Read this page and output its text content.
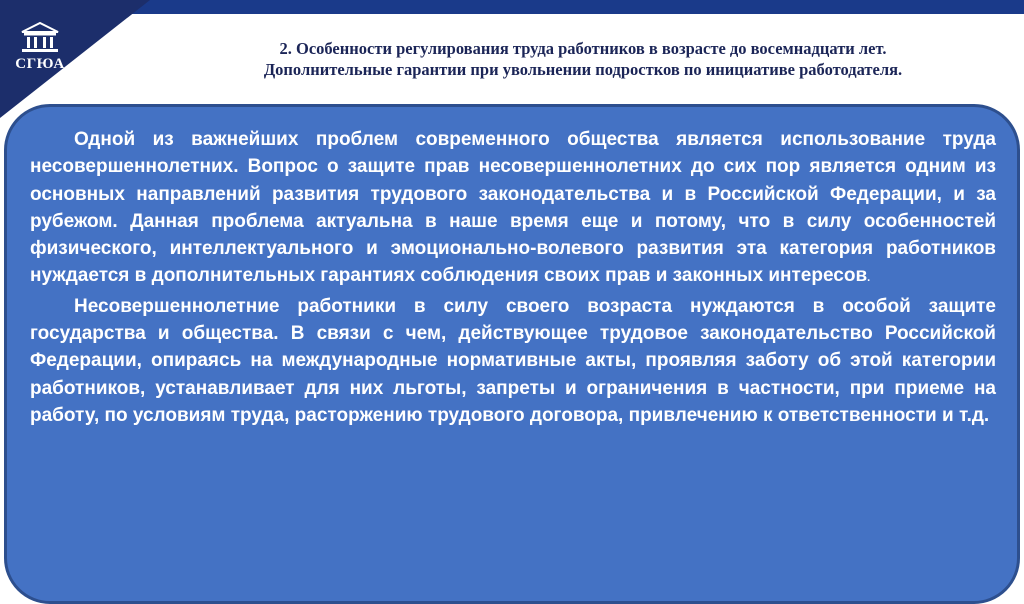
СГЮА
2. Особенности регулирования труда работников в возрасте до восемнадцати лет.
Дополнительные гарантии при увольнении подростков по инициативе работодателя.

Одной из важнейших проблем современного общества является использование труда несовершеннолетних. Вопрос о защите прав несовершеннолетних до сих пор является одним из основных направлений развития трудового законодательства и в Российской Федерации, и за рубежом. Данная проблема актуальна в наше время еще и потому, что в силу особенностей физического, интеллектуального и эмоционально-волевого развития эта категория работников нуждается в дополнительных гарантиях соблюдения своих прав и законных интересов.

Несовершеннолетние работники в силу своего возраста нуждаются в особой защите государства и общества. В связи с чем, действующее трудовое законодательство Российской Федерации, опираясь на международные нормативные акты, проявляя заботу об этой категории работников, устанавливает для них льготы, запреты и ограничения в частности, при приеме на работу, по условиям труда, расторжению трудового договора, привлечению к ответственности и т.д.
